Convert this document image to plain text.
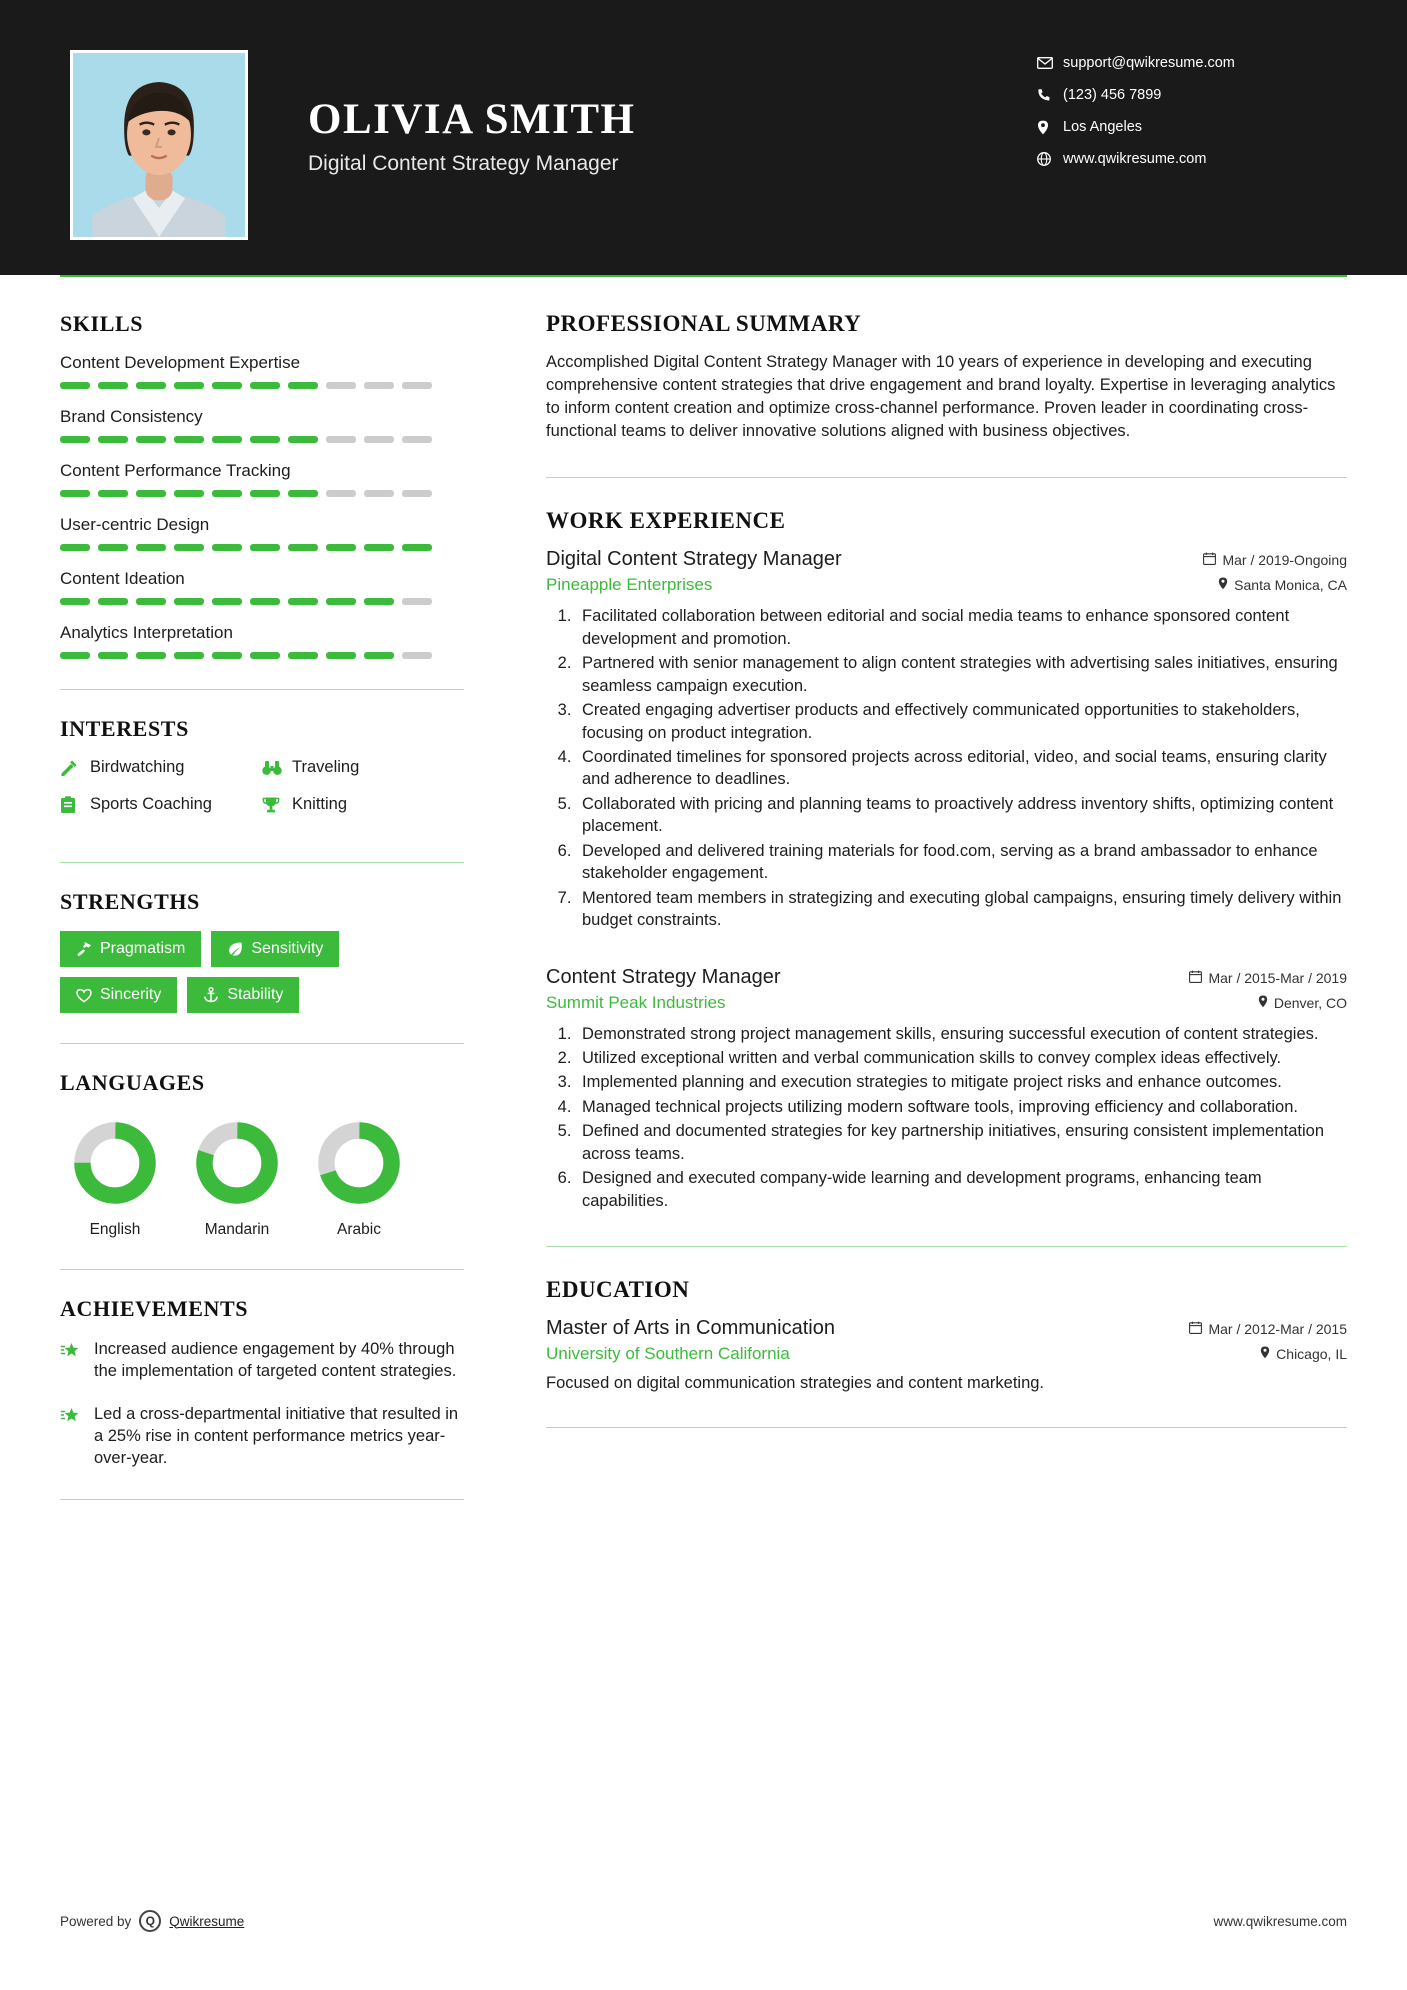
OLIVIA SMITH
Digital Content Strategy Manager
support@qwikresume.com
(123) 456 7899
Los Angeles
www.qwikresume.com
SKILLS
Content Development Expertise
Brand Consistency
Content Performance Tracking
User-centric Design
Content Ideation
Analytics Interpretation
INTERESTS
Birdwatching	Traveling
Sports Coaching	Knitting
STRENGTHS
Pragmatism	Sensitivity
Sincerity	Stability
LANGUAGES
English	Mandarin	Arabic
ACHIEVEMENTS
Increased audience engagement by 40% through the implementation of targeted content strategies.
Led a cross-departmental initiative that resulted in a 25% rise in content performance metrics year-over-year.
PROFESSIONAL SUMMARY
Accomplished Digital Content Strategy Manager with 10 years of experience in developing and executing comprehensive content strategies that drive engagement and brand loyalty. Expertise in leveraging analytics to inform content creation and optimize cross-channel performance. Proven leader in coordinating cross-functional teams to deliver innovative solutions aligned with business objectives.
WORK EXPERIENCE
Digital Content Strategy Manager	Mar / 2019-Ongoing
Pineapple Enterprises	Santa Monica, CA
1. Facilitated collaboration between editorial and social media teams to enhance sponsored content development and promotion.
2. Partnered with senior management to align content strategies with advertising sales initiatives, ensuring seamless campaign execution.
3. Created engaging advertiser products and effectively communicated opportunities to stakeholders, focusing on product integration.
4. Coordinated timelines for sponsored projects across editorial, video, and social teams, ensuring clarity and adherence to deadlines.
5. Collaborated with pricing and planning teams to proactively address inventory shifts, optimizing content placement.
6. Developed and delivered training materials for food.com, serving as a brand ambassador to enhance stakeholder engagement.
7. Mentored team members in strategizing and executing global campaigns, ensuring timely delivery within budget constraints.
Content Strategy Manager	Mar / 2015-Mar / 2019
Summit Peak Industries	Denver, CO
1. Demonstrated strong project management skills, ensuring successful execution of content strategies.
2. Utilized exceptional written and verbal communication skills to convey complex ideas effectively.
3. Implemented planning and execution strategies to mitigate project risks and enhance outcomes.
4. Managed technical projects utilizing modern software tools, improving efficiency and collaboration.
5. Defined and documented strategies for key partnership initiatives, ensuring consistent implementation across teams.
6. Designed and executed company-wide learning and development programs, enhancing team capabilities.
EDUCATION
Master of Arts in Communication	Mar / 2012-Mar / 2015
University of Southern California	Chicago, IL
Focused on digital communication strategies and content marketing.
Powered by	Q	Qwikresume	www.qwikresume.com
